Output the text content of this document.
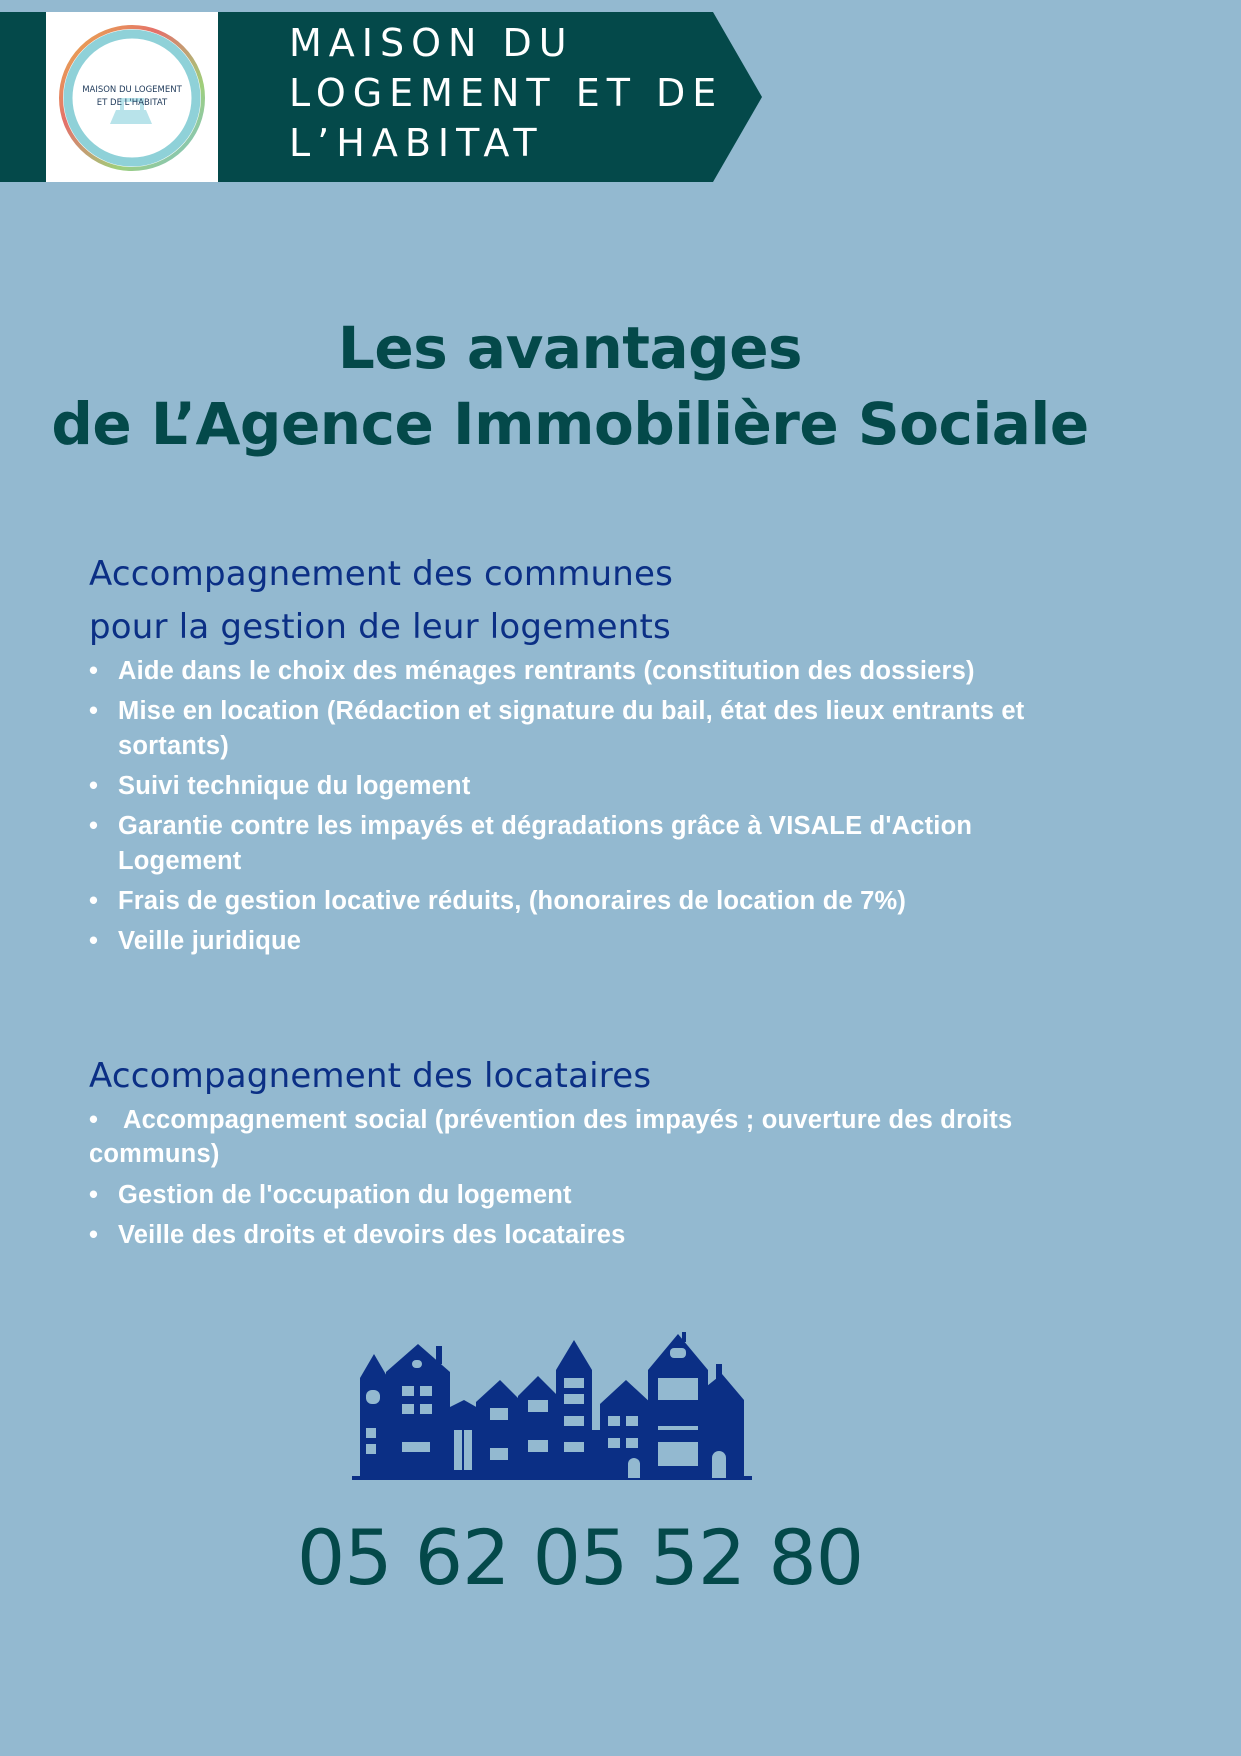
MAISON DU LOGEMENT
ET DE L'HABITAT
MAISON DU
LOGEMENT ET DE
L’HABITAT
Les avantages
de L’Agence Immobilière Sociale
Accompagnement des communes
pour la gestion de leur logements
• Aide dans le choix des ménages rentrants (constitution des dossiers)
• Mise en location (Rédaction et signature du bail, état des lieux entrants et sortants)
• Suivi technique du logement
• Garantie contre les impayés et dégradations grâce à VISALE d'Action Logement
• Frais de gestion locative réduits, (honoraires de location de 7%)
• Veille juridique
Accompagnement des locataires
• Accompagnement social (prévention des impayés ; ouverture des droits communs)
• Gestion de l'occupation du logement
• Veille des droits et devoirs des locataires

05 62 05 52 80
